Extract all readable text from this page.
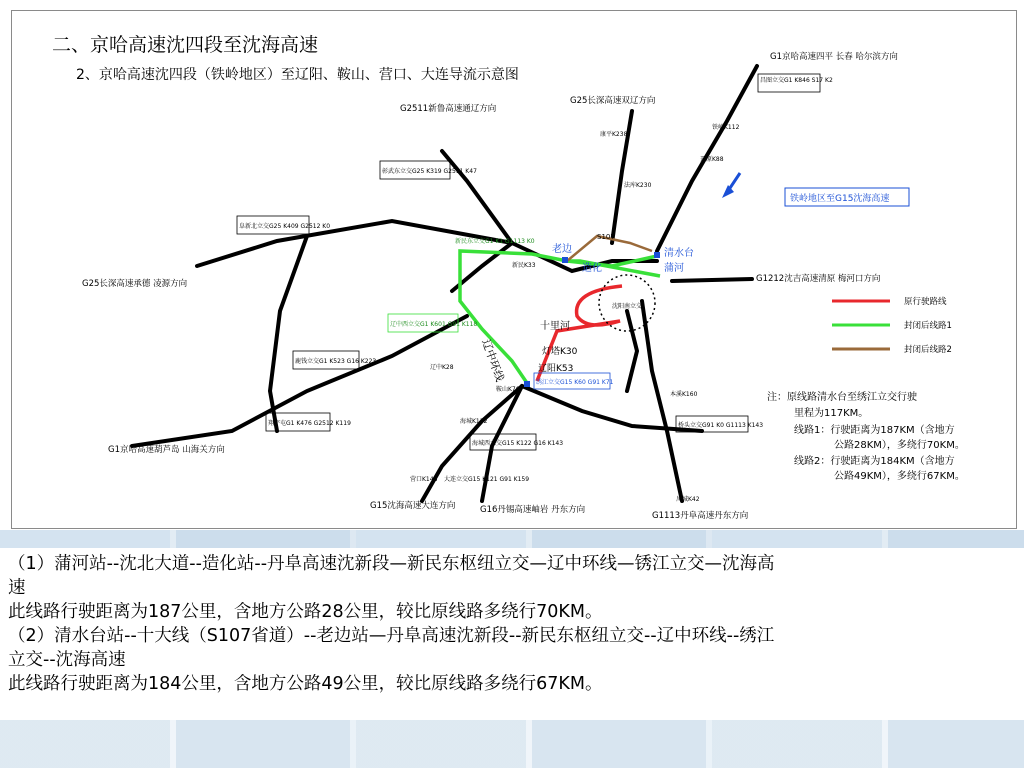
二、京哈高速沈四段至沈海高速
2、京哈高速沈四段（铁岭地区）至辽阳、鞍山、营口、大连导流示意图
老边
造化
清水台
蒲河
十里河
灯塔K30
辽阳K53
辽中环线
S107
G1京哈高速四平 长春 哈尔滨方向
G25长深高速双辽方向
G2511新鲁高速通辽方向
G25长深高速承德 凌源方向
G1京哈高速葫芦岛 山海关方向
G15沈海高速大连方向	G16丹锡高速岫岩 丹东方向
G1113丹阜高速丹东方向
G1212沈吉高速清原 梅河口方向
昌图立交G1 K846 S17 K2
彰武东立交G25 K319 G2511 K47
阜新北立交G25 K409 G2512 K0
辽中西立交G1 K601 G91 K118
新民东立交G1 K1 G1113 K0
鹿钱立交G1 K523 G16 K223
翔宇屯G1 K476 G2512 K119
绣江立交G15 K60 G91 K71
海城西立交G15 K122 G16 K143
大连立交G15 K121 G91 K159
桥头立交G91 K0 G1113 K143
沈阳南立交
康平K238
开原K88
铁岭K112
法库K230
新民K33
辽中K28
鞍山K76
海城K112
营口K148
凤城K42
本溪K160
铁岭地区至G15沈海高速
原行驶路线
封闭后线路1
封闭后线路2
注：原线路清水台至绣江立交行驶
里程为117KM。
线路1：行驶距离为187KM（含地方
公路28KM），多绕行70KM。
线路2：行驶距离为184KM（含地方
公路49KM），多绕行67KM。

（1）蒲河站--沈北大道--造化站--丹阜高速沈新段—新民东枢纽立交—辽中环线—锈江立交—沈海高

速

此线路行驶距离为187公里，含地方公路28公里，较比原线路多绕行70KM。

（2）清水台站--十大线（S107省道）--老边站—丹阜高速沈新段--新民东枢纽立交--辽中环线--绣江

立交--沈海高速

此线路行驶距离为184公里，含地方公路49公里，较比原线路多绕行67KM。
